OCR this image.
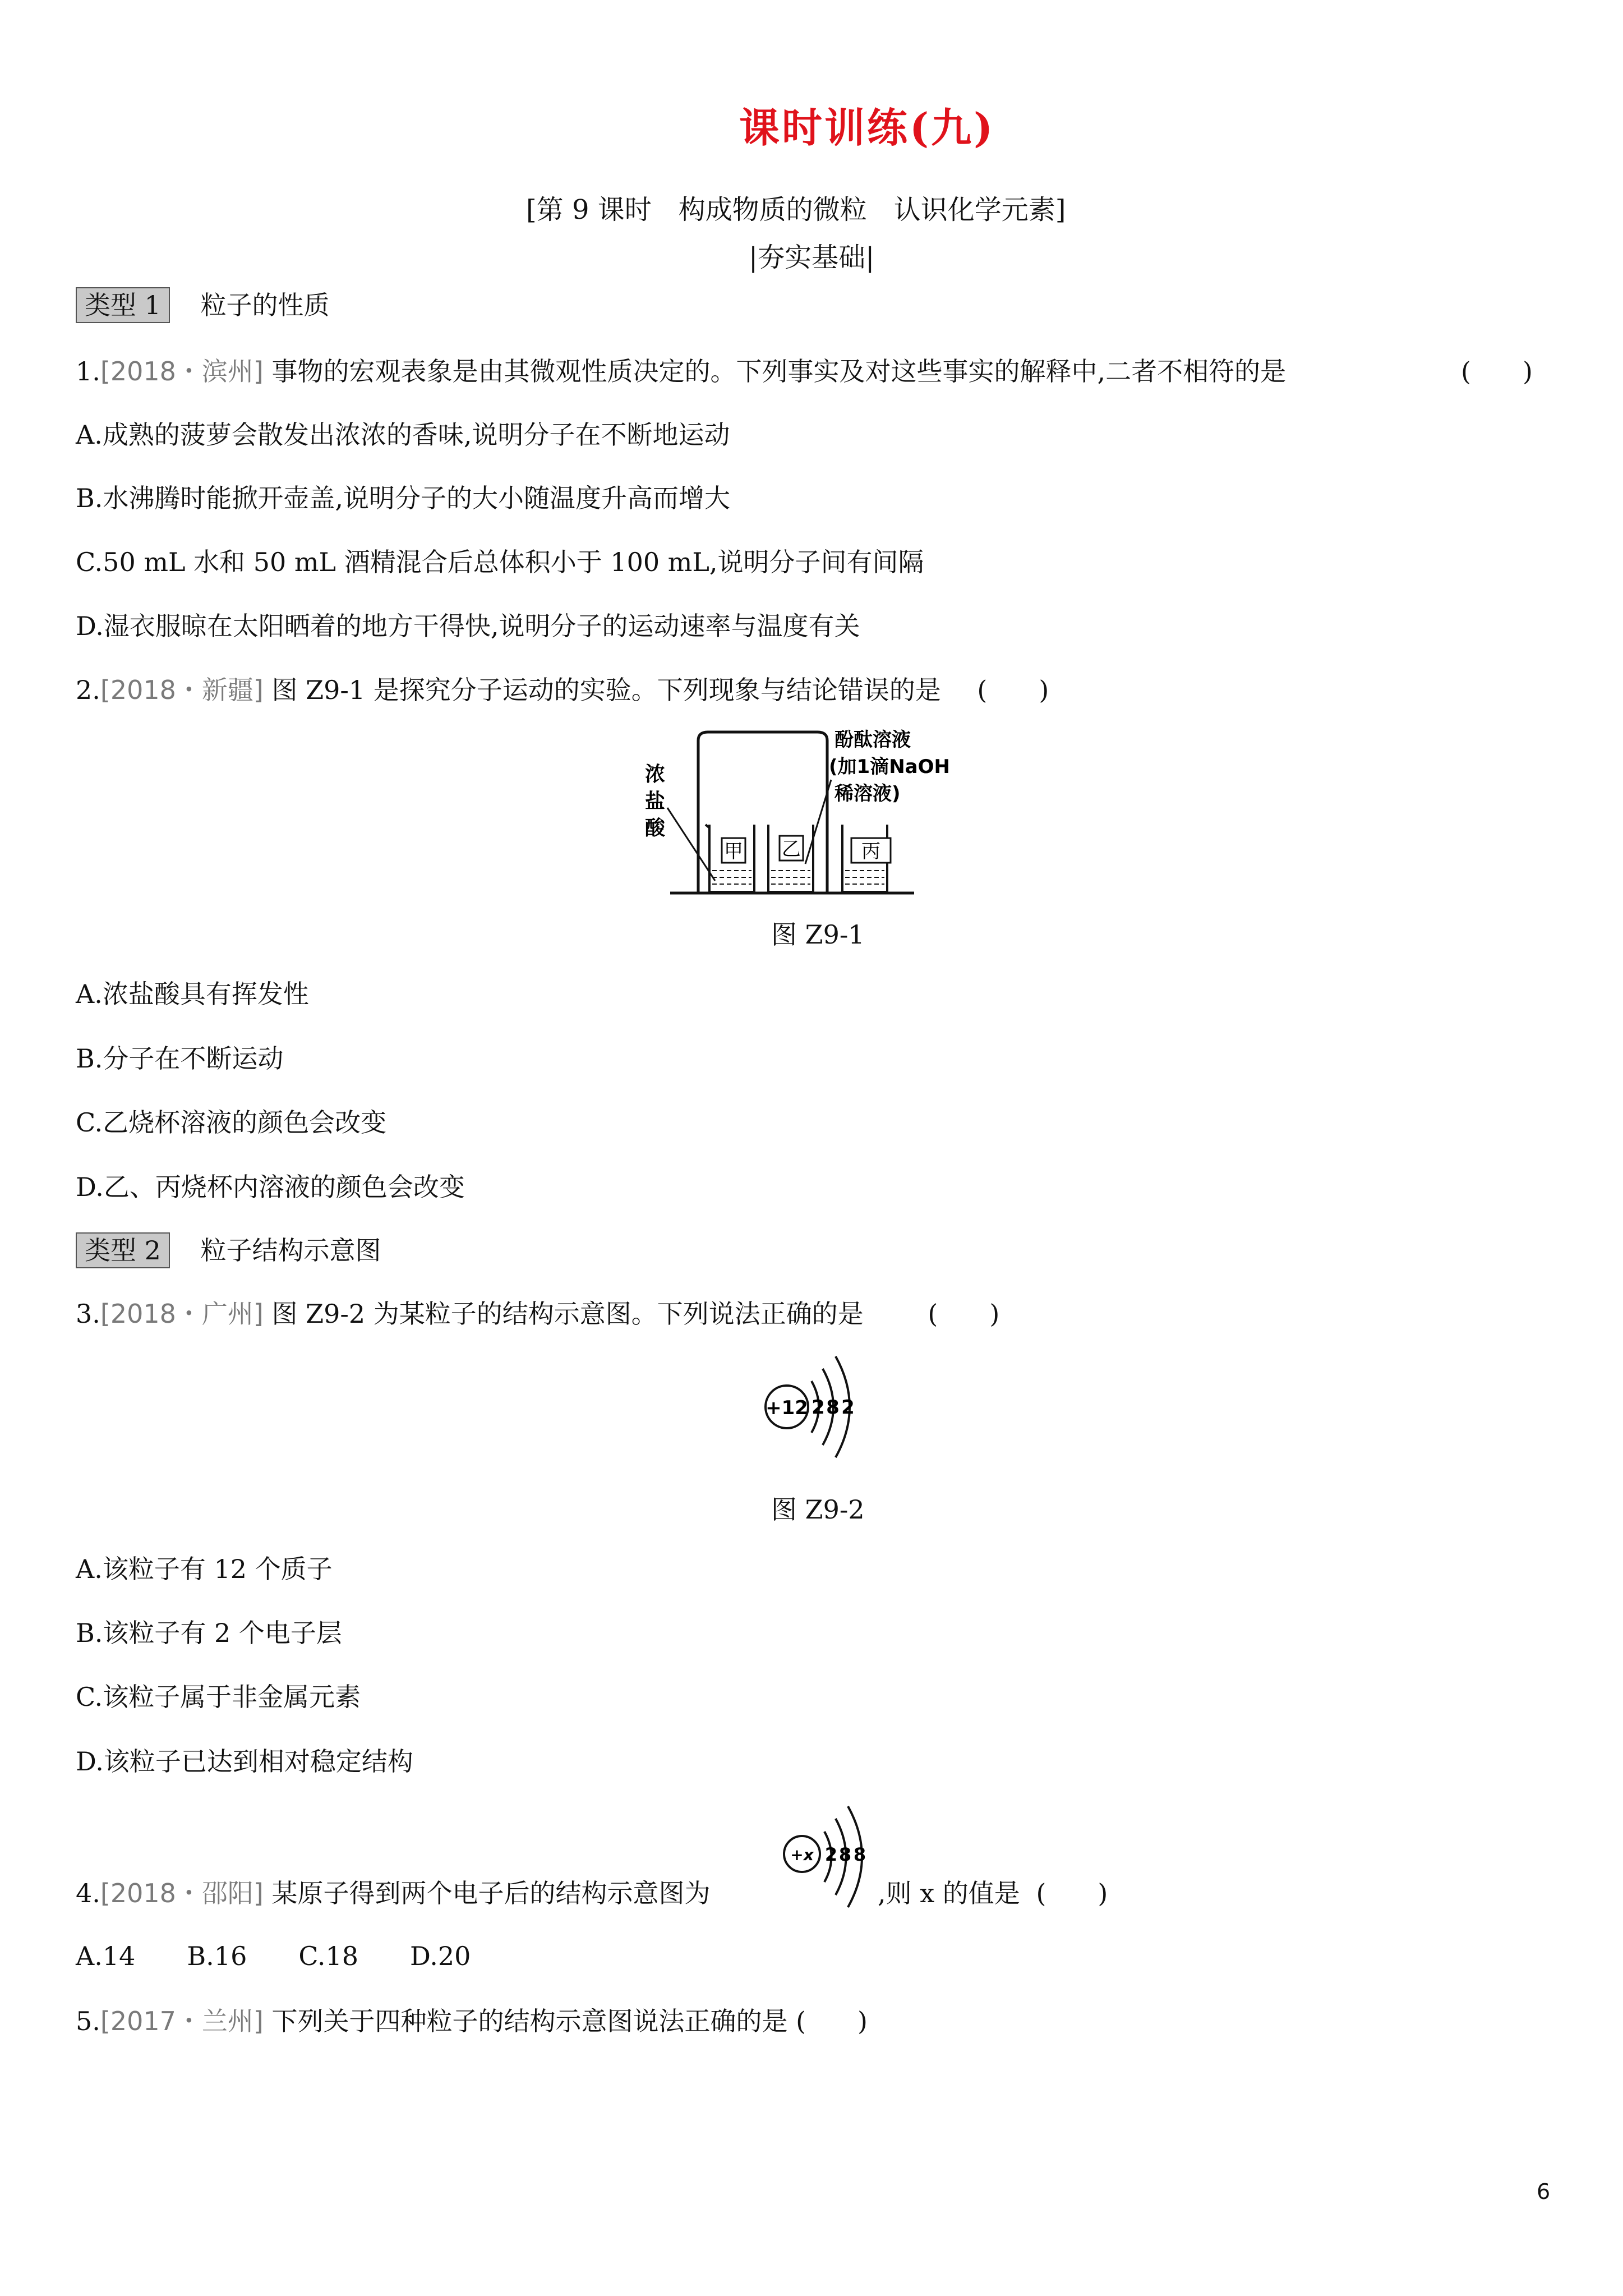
课时训练(九)
[第 9 课时　构成物质的微粒　认识化学元素]
|夯实基础|
类型 1 粒子的性质
1.[2018・滨州] 事物的宏观表象是由其微观性质决定的。下列事实及对这些事实的解释中,二者不相符的是	(　　)
A.成熟的菠萝会散发出浓浓的香味,说明分子在不断地运动
B.水沸腾时能掀开壶盖,说明分子的大小随温度升高而增大
C.50 mL 水和 50 mL 酒精混合后总体积小于 100 mL,说明分子间有间隔
D.湿衣服晾在太阳晒着的地方干得快,说明分子的运动速率与温度有关
2.[2018・新疆] 图 Z9-1 是探究分子运动的实验。下列现象与结论错误的是 (　　)
甲 乙	丙
浓
盐
酸
酚酞溶液
(加1滴NaOH
稀溶液)
图 Z9-1
A.浓盐酸具有挥发性
B.分子在不断运动
C.乙烧杯溶液的颜色会改变
D.乙、丙烧杯内溶液的颜色会改变
类型 2 粒子结构示意图
3.[2018・广州] 图 Z9-2 为某粒子的结构示意图。下列说法正确的是 (　　)
+12 2 8 2
图 Z9-2
A.该粒子有 12 个质子
B.该粒子有 2 个电子层
C.该粒子属于非金属元素
D.该粒子已达到相对稳定结构
4.[2018・邵阳] 某原子得到两个电子后的结构示意图为
+x 2 8 8
,则 x 的值是 (　　)
A.14　　B.16　　C.18　　D.20
5.[2017・兰州] 下列关于四种粒子的结构示意图说法正确的是 (　　)
6
